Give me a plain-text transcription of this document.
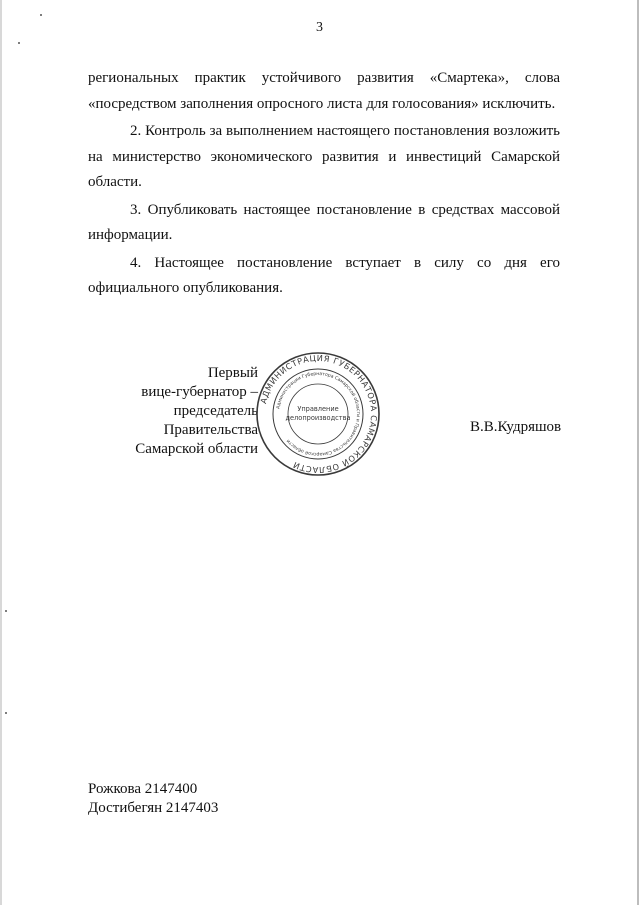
3
региональных практик устойчивого развития «Смартека», слова
«посредством заполнения опросного листа для голосования» исключить.
2. Контроль за выполнением настоящего постановления возложить
на министерство экономического развития и инвестиций Самарской
области.
3. Опубликовать настоящее постановление в средствах массовой
информации.
4. Настоящее постановление вступает в силу со дня его
официального опубликования.
Первый
вице-губернатор –
председатель Правительства
Самарской области
АДМИНИСТРАЦИЯ ГУБЕРНАТОРА САМАРСКОЙ ОБЛАСТИ
Администрации Губернатора Самарской области и Правительства Самарской области
Управление
делопроизводства
В.В.Кудряшов
Рожкова 2147400
Достибегян 2147403
